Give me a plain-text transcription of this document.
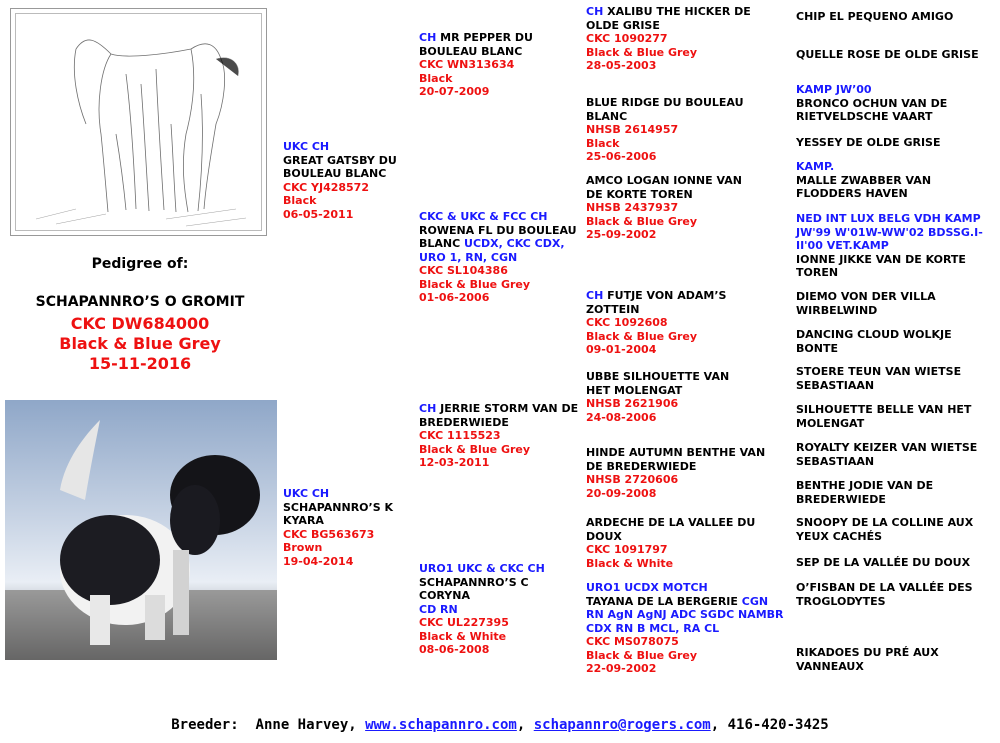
Pedigree of:
SCHAPANNRO’S O GROMIT
CKC DW684000
Black & Blue Grey
15-11-2016
UKC CH
GREAT GATSBY DU BOULEAU BLANC
CKC YJ428572
Black
06-05-2011
UKC CH
SCHAPANNRO’S K KYARA
CKC BG563673
Brown
19-04-2014
CH MR PEPPER DU BOULEAU BLANC
CKC WN313634
Black
20-07-2009
CKC & UKC & FCC CH
ROWENA FL DU BOULEAU BLANC UCDX, CKC CDX, URO 1, RN, CGN
CKC SL104386
Black & Blue Grey
01-06-2006
CH JERRIE STORM VAN DE BREDERWIEDE
CKC 1115523
Black & Blue Grey
12-03-2011
URO1 UKC & CKC CH
SCHAPANNRO’S C CORYNA
CD RN
CKC UL227395
Black & White
08-06-2008
CH XALIBU THE HICKER DE OLDE GRISE
CKC 1090277
Black & Blue Grey
28-05-2003
BLUE RIDGE DU BOULEAU BLANC
NHSB 2614957
Black
25-06-2006
AMCO LOGAN IONNE VAN DE KORTE TOREN
NHSB 2437937
Black & Blue Grey
25-09-2002
CH FUTJE VON ADAM’S ZOTTEIN
CKC 1092608
Black & Blue Grey
09-01-2004
UBBE SILHOUETTE VAN HET MOLENGAT
NHSB 2621906
24-08-2006
HINDE AUTUMN BENTHE VAN DE BREDERWIEDE
NHSB 2720606
20-09-2008
ARDECHE DE LA VALLEE DU DOUX
CKC 1091797
Black & White
URO1 UCDX MOTCH
TAYANA DE LA BERGERIE CGN RN AgN AgNJ ADC SGDC NAMBR CDX RN B MCL, RA CL
CKC MS078075
Black & Blue Grey
22-09-2002
CHIP EL PEQUENO AMIGO
QUELLE ROSE DE OLDE GRISE
KAMP JW’00
BRONCO OCHUN VAN DE RIETVELDSCHE VAART
YESSEY DE OLDE GRISE
KAMP.
MALLE ZWABBER VAN FLODDERS HAVEN
NED INT LUX BELG VDH KAMP JW'99 W'01W-WW'02 BDSSG.I-II'00 VET.KAMP
IONNE JIKKE VAN DE KORTE TOREN
DIEMO VON DER VILLA WIRBELWIND
DANCING CLOUD WOLKJE BONTE
STOERE TEUN VAN WIETSE SEBASTIAAN
SILHOUETTE BELLE VAN HET MOLENGAT
ROYALTY KEIZER VAN WIETSE SEBASTIAAN
BENTHE JODIE VAN DE BREDERWIEDE
SNOOPY DE LA COLLINE AUX YEUX CACHÉS
SEP DE LA VALLÉE DU DOUX
O’FISBAN DE LA VALLÉE DES TROGLODYTES
RIKADOES DU PRÉ AUX VANNEAUX
Breeder: Anne Harvey, www.schapannro.com, schapannro@rogers.com, 416-420-3425
